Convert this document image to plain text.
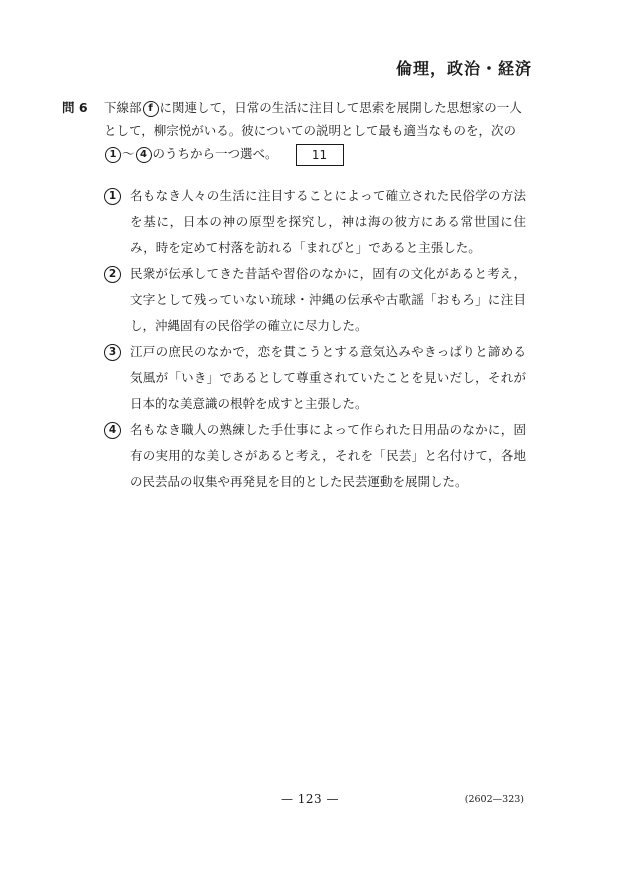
倫理，政治・経済
問 6 下線部 f に関連して，日常の生活に注目して思索を展開した思想家の一人として，柳宗悦がいる。彼についての説明として最も適当なものを，次の1 ～ 4 のうちから一つ選べ。	11
1	名もなき人々の生活に注目することによって確立された民俗学の方法を基に，日本の神の原型を探究し，神は海の彼方にある常世国に住み，時を定めて村落を訪れる「まれびと」であると主張した。
2	民衆が伝承してきた昔話や習俗のなかに，固有の文化があると考え，文字として残っていない琉球・沖縄の伝承や古歌謡「おもろ」に注目し，沖縄固有の民俗学の確立に尽力した。
3	江戸の庶民のなかで，恋を貫こうとする意気込みやきっぱりと諦める気風が「いき」であるとして尊重されていたことを見いだし，それが日本的な美意識の根幹を成すと主張した。
4	名もなき職人の熟練した手仕事によって作られた日用品のなかに，固有の実用的な美しさがあると考え，それを「民芸」と名付けて，各地の民芸品の収集や再発見を目的とした民芸運動を展開した。
— 123 —	(2602—323)
